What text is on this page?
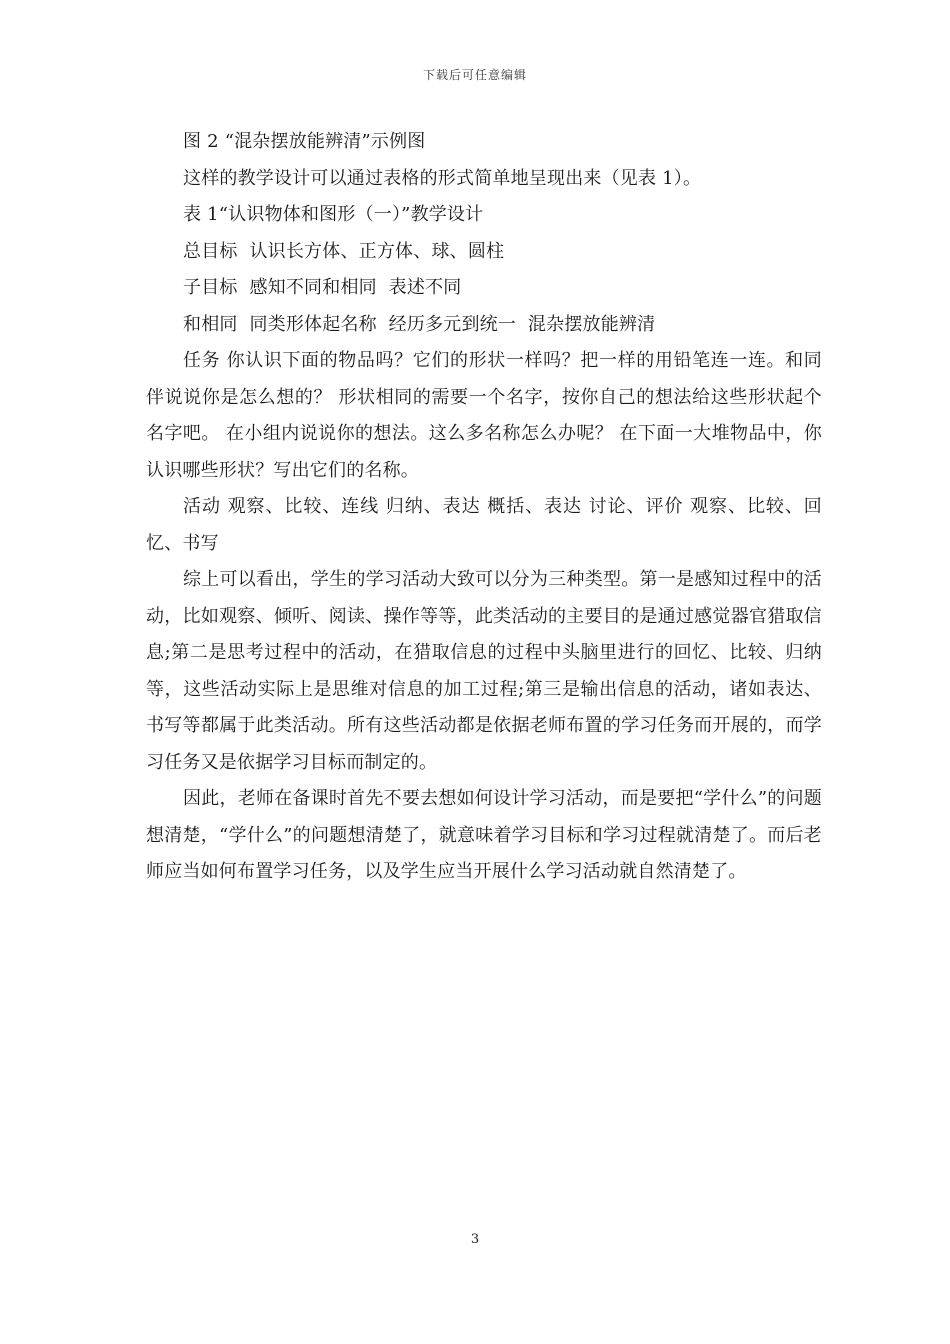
下载后可任意编辑

图 2 “混杂摆放能辨清”示例图

这样的教学设计可以通过表格的形式简单地呈现出来（见表 1）。

表 1“认识物体和图形（一）”教学设计

总目标  认识长方体、正方体、球、圆柱

子目标  感知不同和相同  表述不同

和相同  同类形体起名称  经历多元到统一  混杂摆放能辨清

任务 你认识下面的物品吗？它们的形状一样吗？把一样的用铅笔连一连。和同伴说说你是怎么想的？ 形状相同的需要一个名字，按你自己的想法给这些形状起个名字吧。 在小组内说说你的想法。这么多名称怎么办呢？ 在下面一大堆物品中，你认识哪些形状？写出它们的名称。

活动 观察、比较、连线 归纳、表达 概括、表达 讨论、评价 观察、比较、回忆、书写

综上可以看出，学生的学习活动大致可以分为三种类型。第一是感知过程中的活动，比如观察、倾听、阅读、操作等等，此类活动的主要目的是通过感觉器官猎取信息;第二是思考过程中的活动，在猎取信息的过程中头脑里进行的回忆、比较、归纳等，这些活动实际上是思维对信息的加工过程;第三是输出信息的活动，诸如表达、书写等都属于此类活动。所有这些活动都是依据老师布置的学习任务而开展的，而学习任务又是依据学习目标而制定的。

因此，老师在备课时首先不要去想如何设计学习活动，而是要把“学什么”的问题想清楚，“学什么”的问题想清楚了，就意味着学习目标和学习过程就清楚了。而后老师应当如何布置学习任务，以及学生应当开展什么学习活动就自然清楚了。

3
